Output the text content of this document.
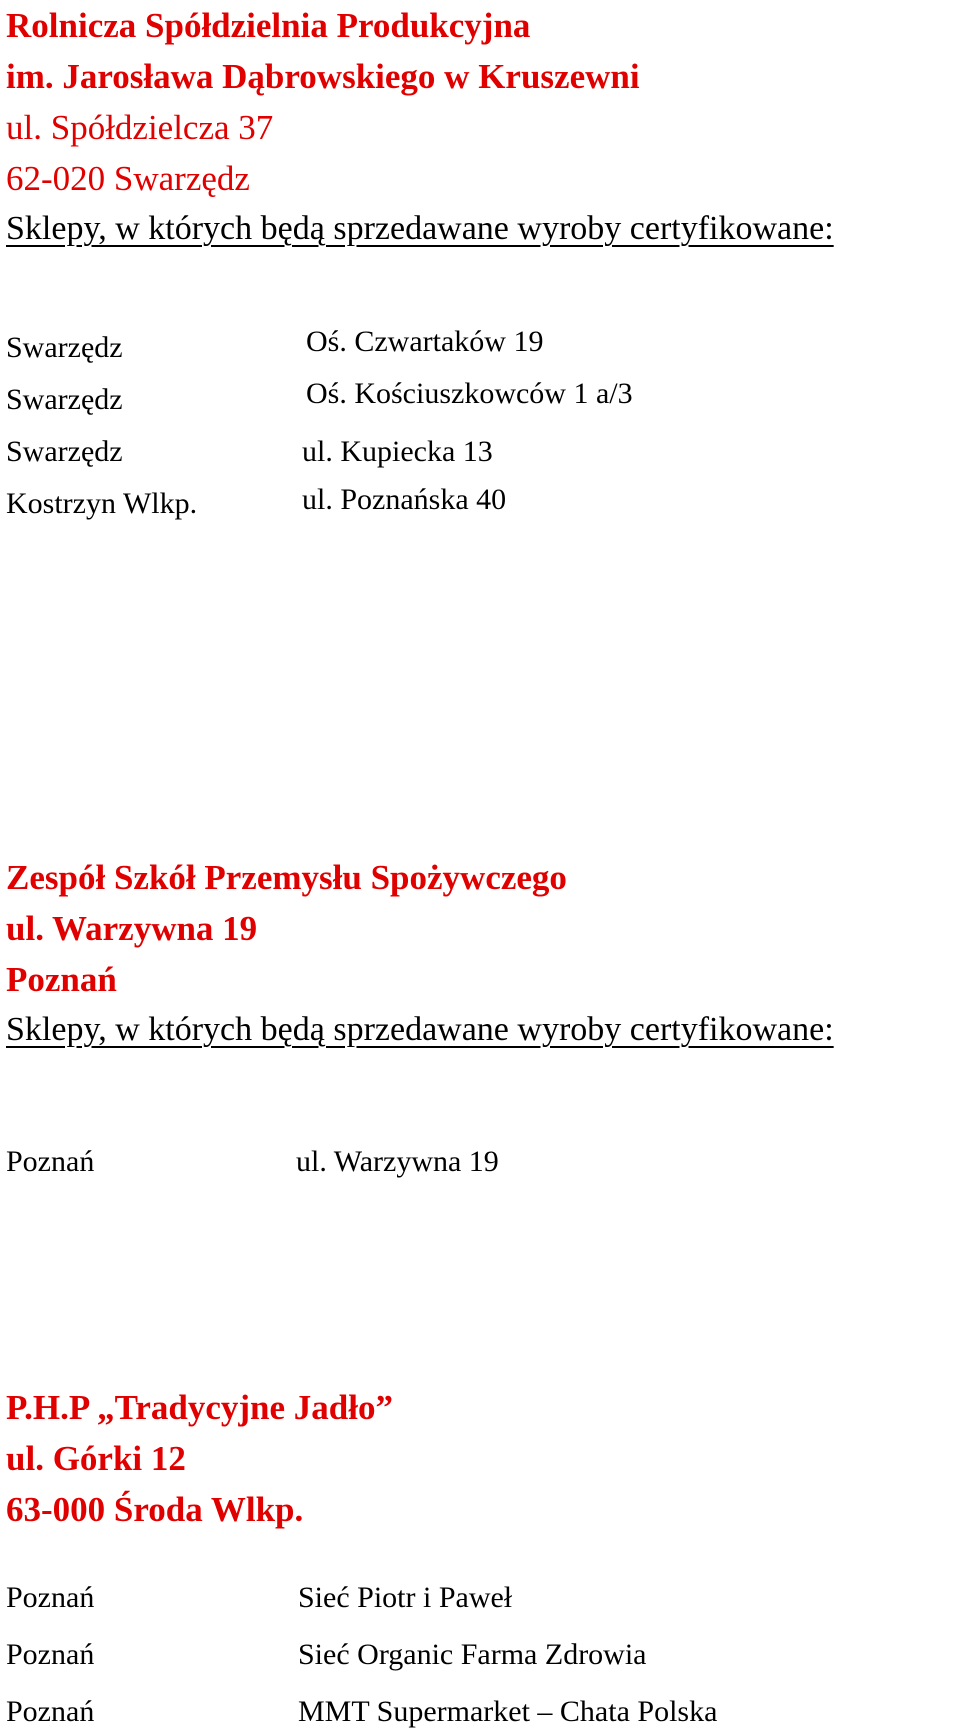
Rolnicza Spółdzielnia Produkcyjna

im. Jarosława Dąbrowskiego w Kruszewni

ul. Spółdzielcza 37

62-020 Swarzędz

Sklepy, w których będą sprzedawane wyroby certyfikowane:

Swarzędz	Oś. Czwartaków 19
Swarzędz	Oś. Kościuszkowców 1 a/3
Swarzędz	ul. Kupiecka 13
Kostrzyn Wlkp.	ul. Poznańska 40

Zespół Szkół Przemysłu Spożywczego

ul. Warzywna 19

Poznań

Sklepy, w których będą sprzedawane wyroby certyfikowane:

Poznań	ul. Warzywna 19

P.H.P „Tradycyjne Jadło”

ul. Górki 12

63-000 Środa Wlkp.

Poznań	Sieć Piotr i Paweł
Poznań	Sieć Organic Farma Zdrowia
Poznań	MMT Supermarket – Chata Polska
